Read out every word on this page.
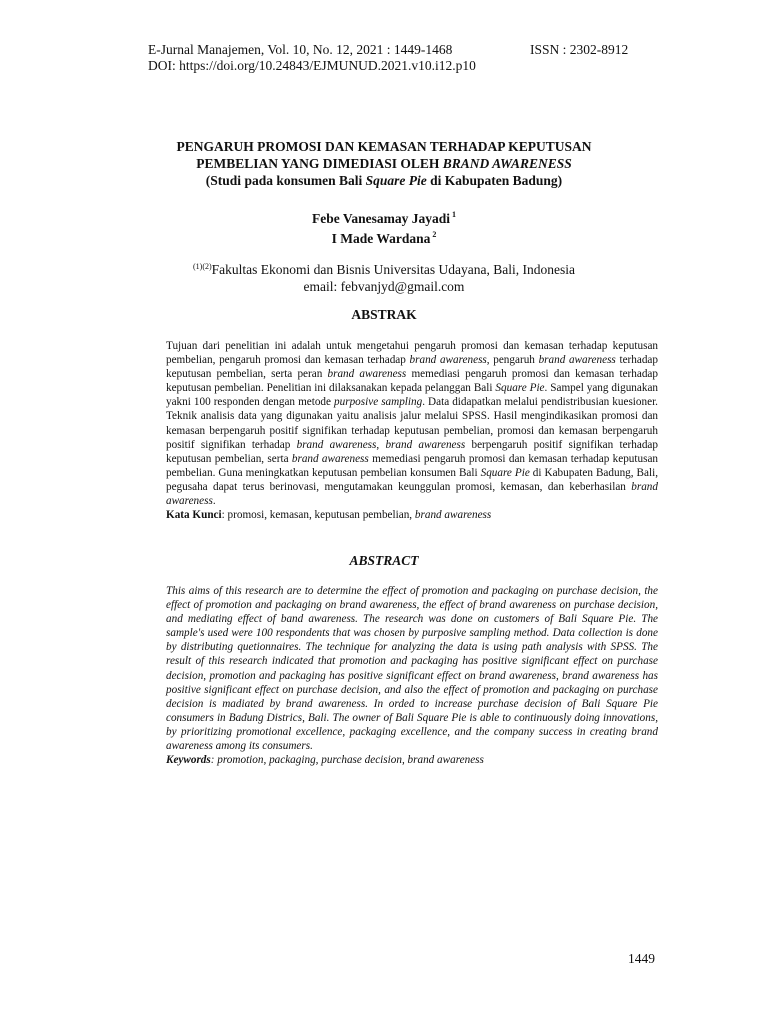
E-Jurnal Manajemen, Vol. 10, No. 12, 2021 : 1449-1468	ISSN : 2302-8912
DOI: https://doi.org/10.24843/EJMUNUD.2021.v10.i12.p10
PENGARUH PROMOSI DAN KEMASAN TERHADAP KEPUTUSAN
PEMBELIAN YANG DIMEDIASI OLEH BRAND AWARENESS
(Studi pada konsumen Bali Square Pie di Kabupaten Badung)
Febe Vanesamay Jayadi $^1$
I Made Wardana $^2$
$^{(1)(2)}$Fakultas Ekonomi dan Bisnis Universitas Udayana, Bali, Indonesia
email: febvanjyd@gmail.com
ABSTRAK

Tujuan dari penelitian ini adalah untuk mengetahui pengaruh promosi dan kemasan terhadap keputusan pembelian, pengaruh promosi dan kemasan terhadap brand awareness, pengaruh brand awareness terhadap keputusan pembelian, serta peran brand awareness memediasi pengaruh promosi dan kemasan terhadap keputusan pembelian. Penelitian ini dilaksanakan kepada pelanggan Bali Square Pie. Sampel yang digunakan yakni 100 responden dengan metode purposive sampling. Data didapatkan melalui pendistribusian kuesioner. Teknik analisis data yang digunakan yaitu analisis jalur melalui SPSS. Hasil mengindikasikan promosi dan kemasan berpengaruh positif signifikan terhadap keputusan pembelian, promosi dan kemasan berpengaruh positif signifikan terhadap brand awareness, brand awareness berpengaruh positif signifikan terhadap keputusan pembelian, serta brand awareness memediasi pengaruh promosi dan kemasan terhadap keputusan pembelian. Guna meningkatkan keputusan pembelian konsumen Bali Square Pie di Kabupaten Badung, Bali, pegusaha dapat terus berinovasi, mengutamakan keunggulan promosi, kemasan, dan keberhasilan brand awareness.

Kata Kunci: promosi, kemasan, keputusan pembelian, brand awareness

ABSTRACT

This aims of this research are to determine the effect of promotion and packaging on purchase decision, the effect of promotion and packaging on brand awareness, the effect of brand awareness on purchase decision, and mediating effect of band awareness. The research was done on customers of Bali Square Pie. The sample's used were 100 respondents that was chosen by purposive sampling method. Data collection is done by distributing quetionnaires. The technique for analyzing the data is using path analysis with SPSS. The result of this research indicated that promotion and packaging has positive significant effect on purchase decision, promotion and packaging has positive significant effect on brand awareness, brand awareness has positive significant effect on purchase decision, and also the effect of promotion and packaging on purchase decision is madiated by brand awareness. In orded to increase purchase decision of Bali Square Pie consumers in Badung Districs, Bali. The owner of Bali Square Pie is able to continuously doing innovations, by prioritizing promotional excellence, packaging excellence, and the company success in creating brand awareness among its consumers.

Keywords: promotion, packaging, purchase decision, brand awareness

1449
